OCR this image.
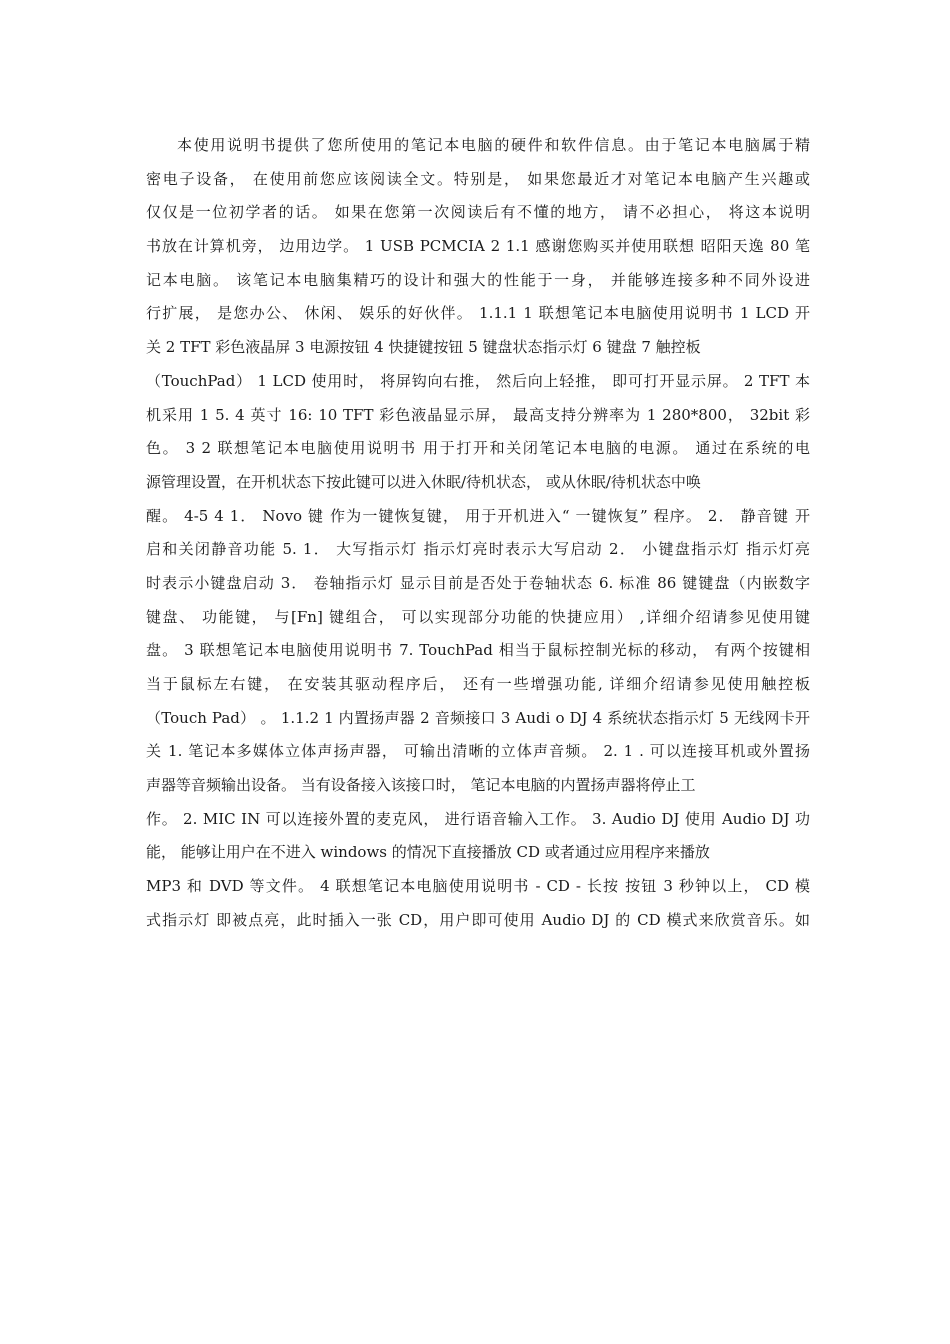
本使用说明书提供了您所使用的笔记本电脑的硬件和软件信息。由于笔记本电脑属于精
密电子设备， 在使用前您应该阅读全文。特别是， 如果您最近才对笔记本电脑产生兴趣或
仅仅是一位初学者的话。 如果在您第一次阅读后有不懂的地方， 请不必担心， 将这本说明
书放在计算机旁， 边用边学。 1 USB PCMCIA 2 1.1 感谢您购买并使用联想 昭阳天逸 80 笔
记本电脑。 该笔记本电脑集精巧的设计和强大的性能于一身， 并能够连接多种不同外设进
行扩展， 是您办公、 休闲、 娱乐的好伙伴。 1.1.1 1 联想笔记本电脑使用说明书 1 LCD 开
关 2 TFT 彩色液晶屏 3 电源按钮 4 快捷键按钮 5 键盘状态指示灯 6 键盘 7 触控板
（TouchPad） 1 LCD 使用时， 将屏钩向右推， 然后向上轻推， 即可打开显示屏。 2 TFT 本
机采用 1 5. 4 英寸 16: 10 TFT 彩色液晶显示屏， 最高支持分辨率为 1 280*800， 32bit 彩
色。 3 2 联想笔记本电脑使用说明书 用于打开和关闭笔记本电脑的电源。 通过在系统的电
源管理设置，在开机状态下按此键可以进入休眠/待机状态， 或从休眠/待机状态中唤
醒。 4-5 4 1． Novo 键 作为一键恢复键， 用于开机进入“ 一键恢复” 程序。 2． 静音键 开
启和关闭静音功能 5. 1． 大写指示灯 指示灯亮时表示大写启动 2． 小键盘指示灯 指示灯亮
时表示小键盘启动 3． 卷轴指示灯 显示目前是否处于卷轴状态 6. 标准 86 键键盘（内嵌数字
键盘、 功能键， 与[Fn] 键组合， 可以实现部分功能的快捷应用） ,详细介绍请参见使用键
盘。 3 联想笔记本电脑使用说明书 7. TouchPad 相当于鼠标控制光标的移动， 有两个按键相
当于鼠标左右键， 在安装其驱动程序后， 还有一些增强功能, 详细介绍请参见使用触控板
（Touch Pad） 。 1.1.2 1 内置扬声器 2 音频接口 3 Audi o DJ 4 系统状态指示灯 5 无线网卡开
关 1. 笔记本多媒体立体声扬声器， 可输出清晰的立体声音频。 2. 1 . 可以连接耳机或外置扬
声器等音频输出设备。 当有设备接入该接口时， 笔记本电脑的内置扬声器将停止工
作。 2. MIC IN 可以连接外置的麦克风， 进行语音输入工作。 3. Audio DJ 使用 Audio DJ 功
能， 能够让用户在不进入 windows 的情况下直接播放 CD 或者通过应用程序来播放
MP3 和 DVD 等文件。 4 联想笔记本电脑使用说明书 - CD - 长按 按钮 3 秒钟以上， CD 模
式指示灯 即被点亮，此时插入一张 CD，用户即可使用 Audio DJ 的 CD 模式来欣赏音乐。如
